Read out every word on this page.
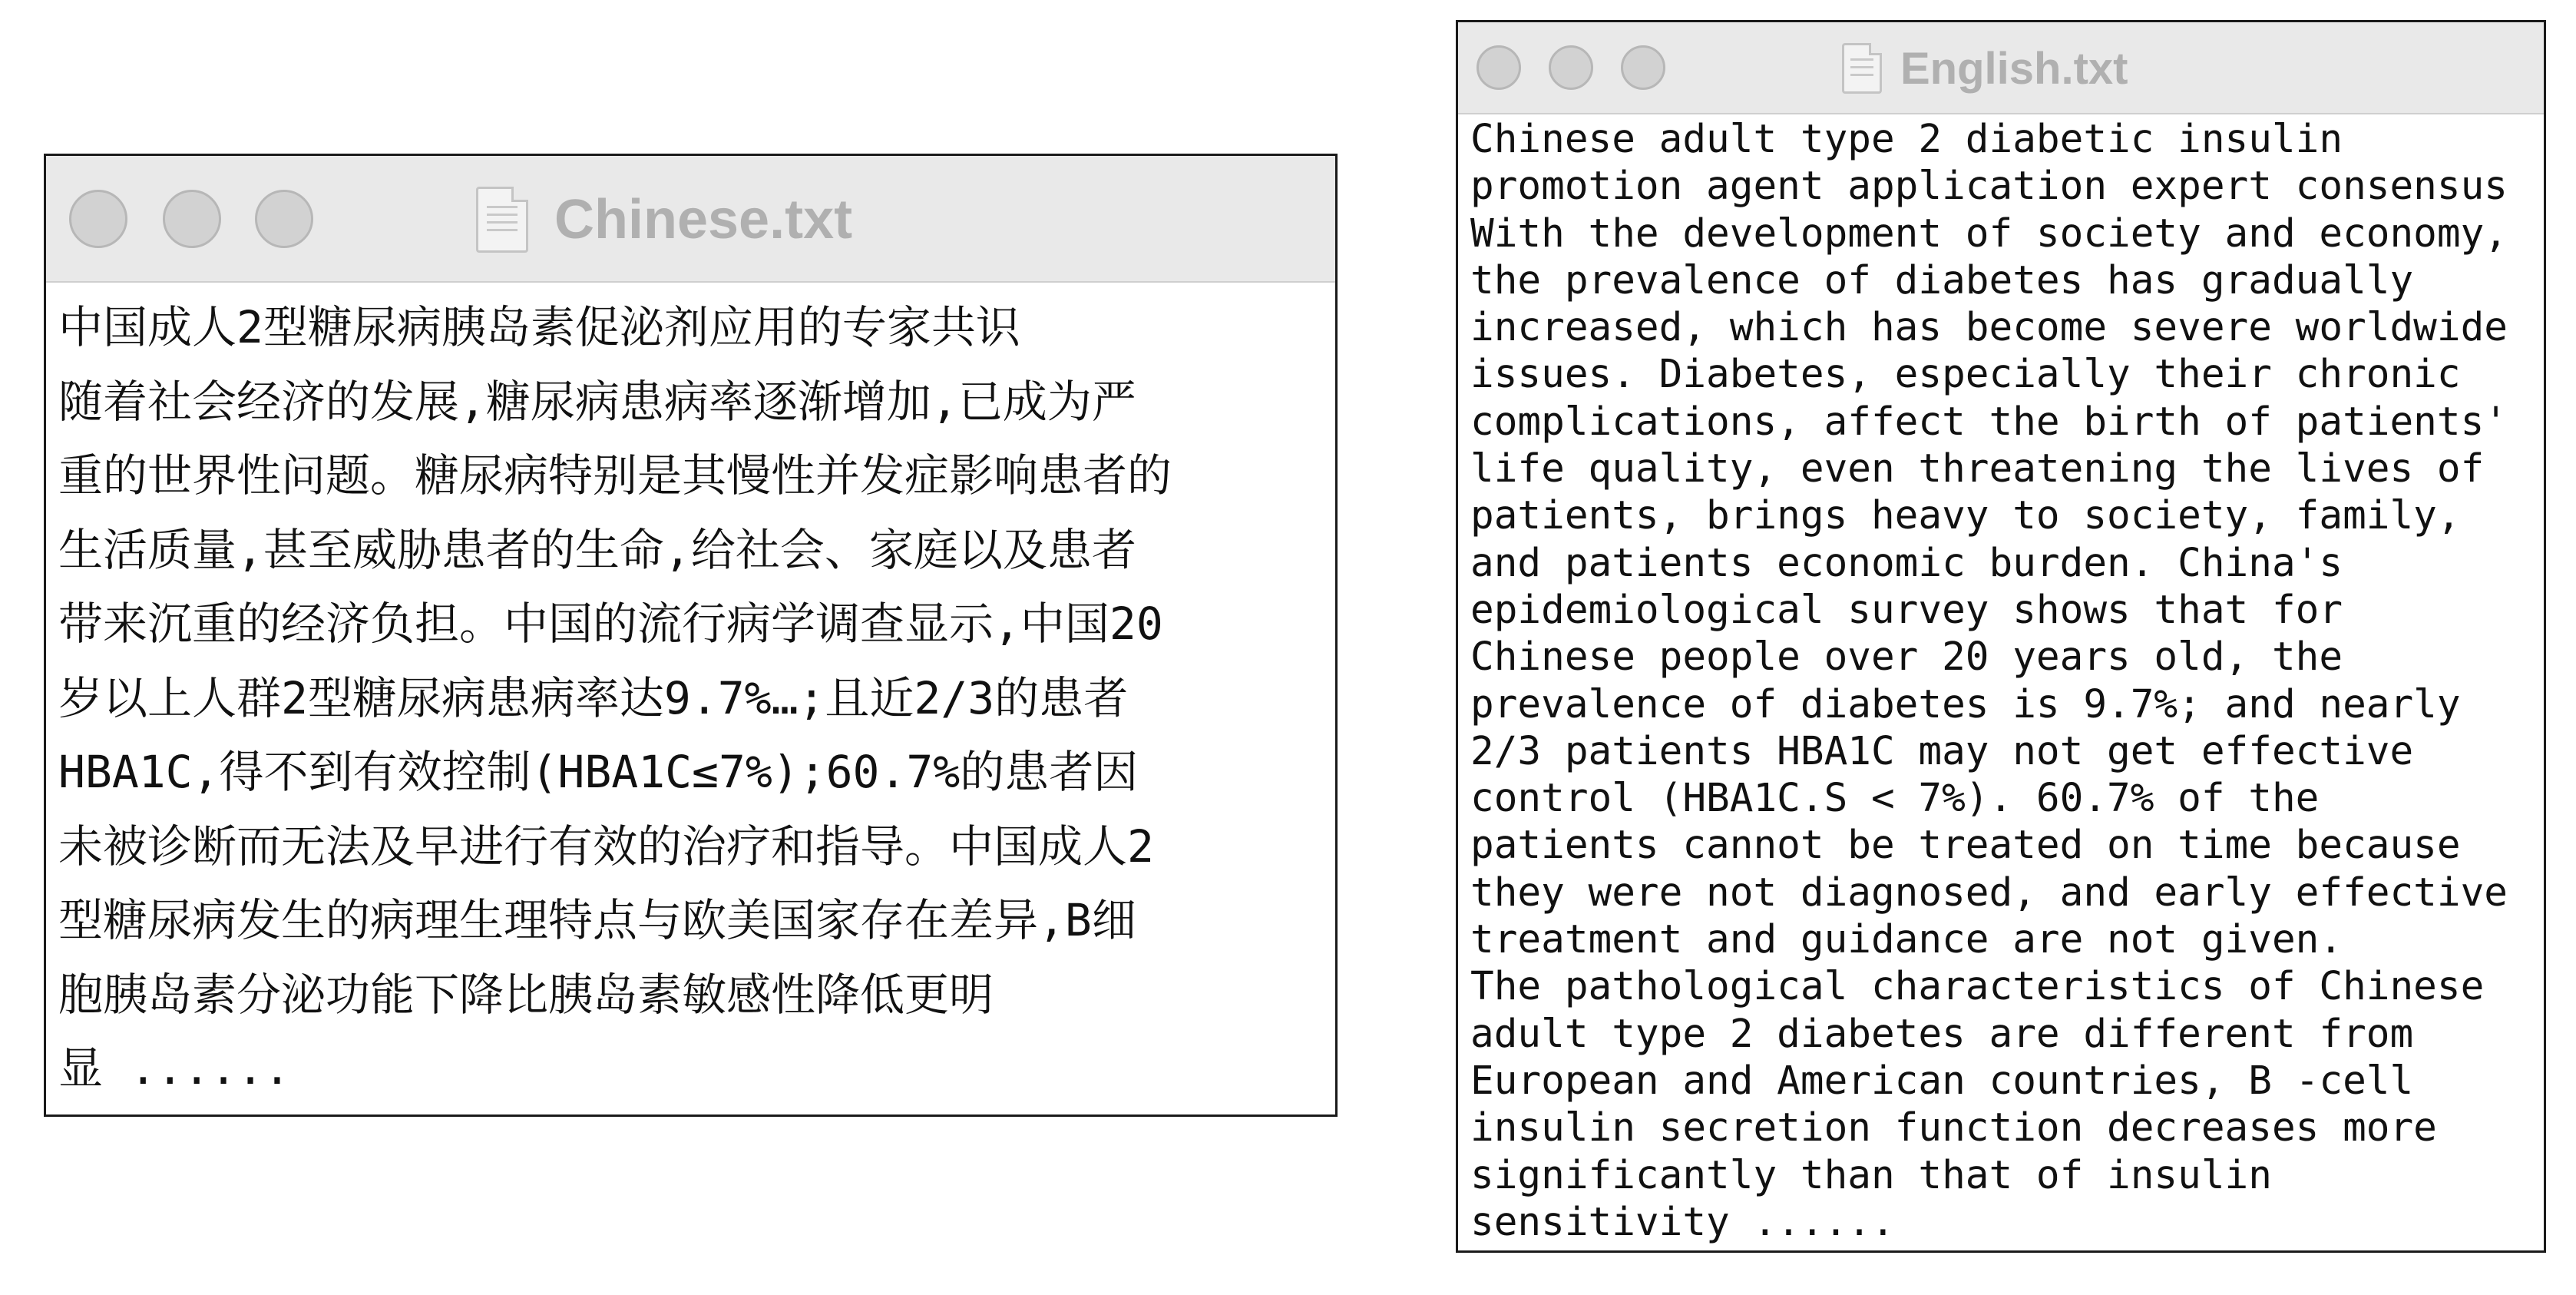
Chinese.txt
中国成人2型糖尿病胰岛素促泌剂应用的专家共识
随着社会经济的发展,糖尿病患病率逐渐增加,已成为严
重的世界性问题。糖尿病特别是其慢性并发症影响患者的
生活质量,甚至威胁患者的生命,给社会、家庭以及患者
带来沉重的经济负担。中国的流行病学调查显示,中国20
岁以上人群2型糖尿病患病率达9.7%…;且近2/3的患者
HBA1C,得不到有效控制(HBA1C≤7%);60.7%的患者因
未被诊断而无法及早进行有效的治疗和指导。中国成人2
型糖尿病发生的病理生理特点与欧美国家存在差异,B细
胞胰岛素分泌功能下降比胰岛素敏感性降低更明
显 ......
English.txt
Chinese adult type 2 diabetic insulin
promotion agent application expert consensus
With the development of society and economy,
the prevalence of diabetes has gradually
increased, which has become severe worldwide
issues. Diabetes, especially their chronic
complications, affect the birth of patients'
life quality, even threatening the lives of
patients, brings heavy to society, family,
and patients economic burden. China's
epidemiological survey shows that for
Chinese people over 20 years old, the
prevalence of diabetes is 9.7%; and nearly
2/3 patients HBA1C may not get effective
control (HBA1C.S < 7%). 60.7% of the
patients cannot be treated on time because
they were not diagnosed, and early effective
treatment and guidance are not given.
The pathological characteristics of Chinese
adult type 2 diabetes are different from
European and American countries, B -cell
insulin secretion function decreases more
significantly than that of insulin
sensitivity ......
